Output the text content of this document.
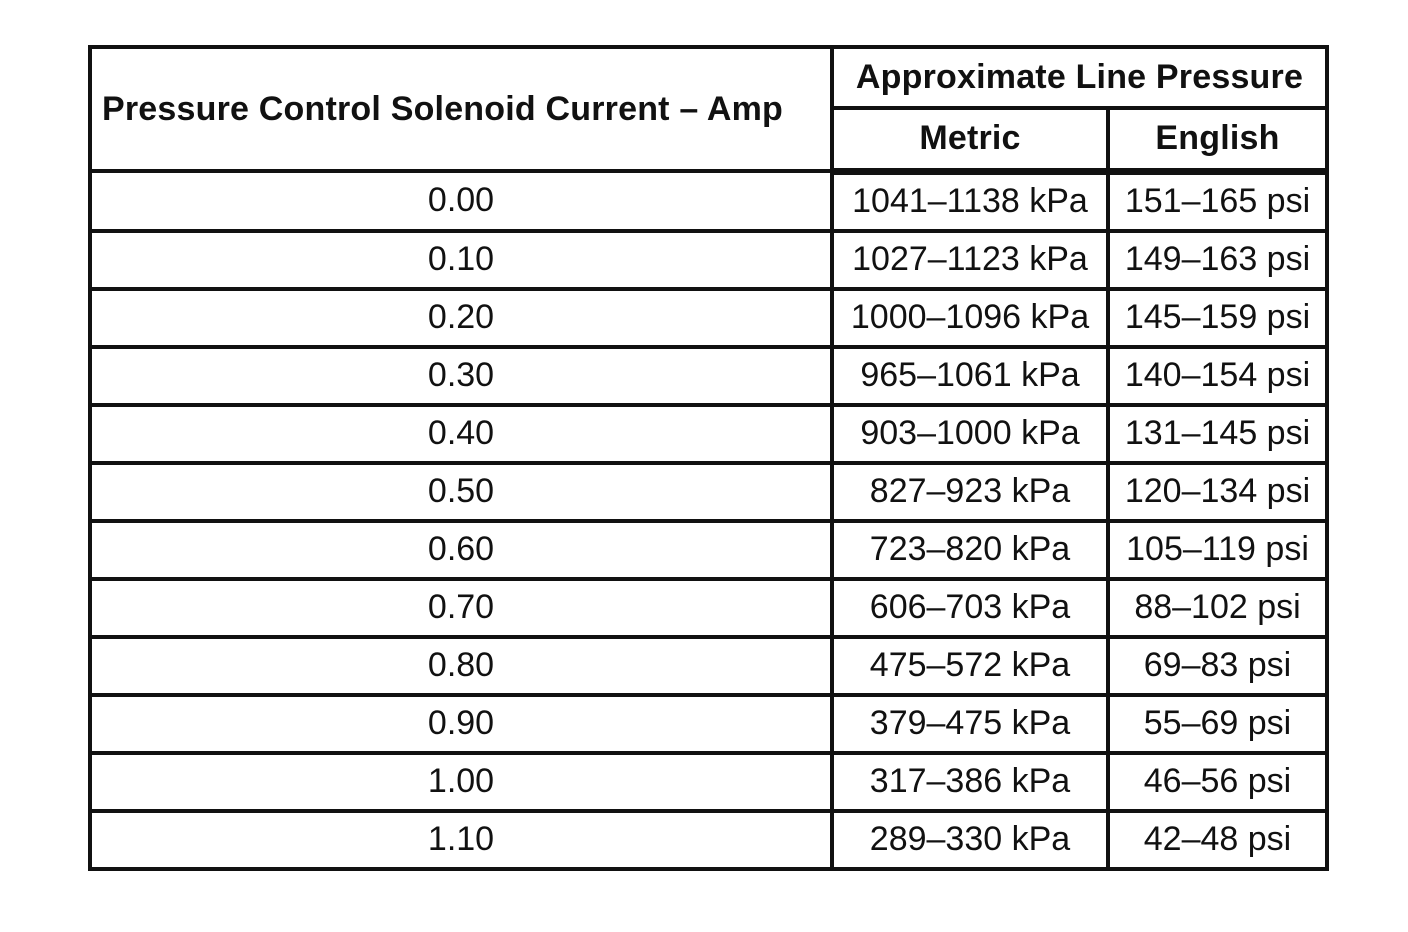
Pressure Control Solenoid Current – Amp	Approximate Line Pressure	
	Metric	English
0.00	1041–1138 kPa	151–165 psi
0.10	1027–1123 kPa	149–163 psi
0.20	1000–1096 kPa	145–159 psi
0.30	965–1061 kPa	140–154 psi
0.40	903–1000 kPa	131–145 psi
0.50	827–923 kPa	120–134 psi
0.60	723–820 kPa	105–119 psi
0.70	606–703 kPa	88–102 psi
0.80	475–572 kPa	69–83 psi
0.90	379–475 kPa	55–69 psi
1.00	317–386 kPa	46–56 psi
1.10	289–330 kPa	42–48 psi
